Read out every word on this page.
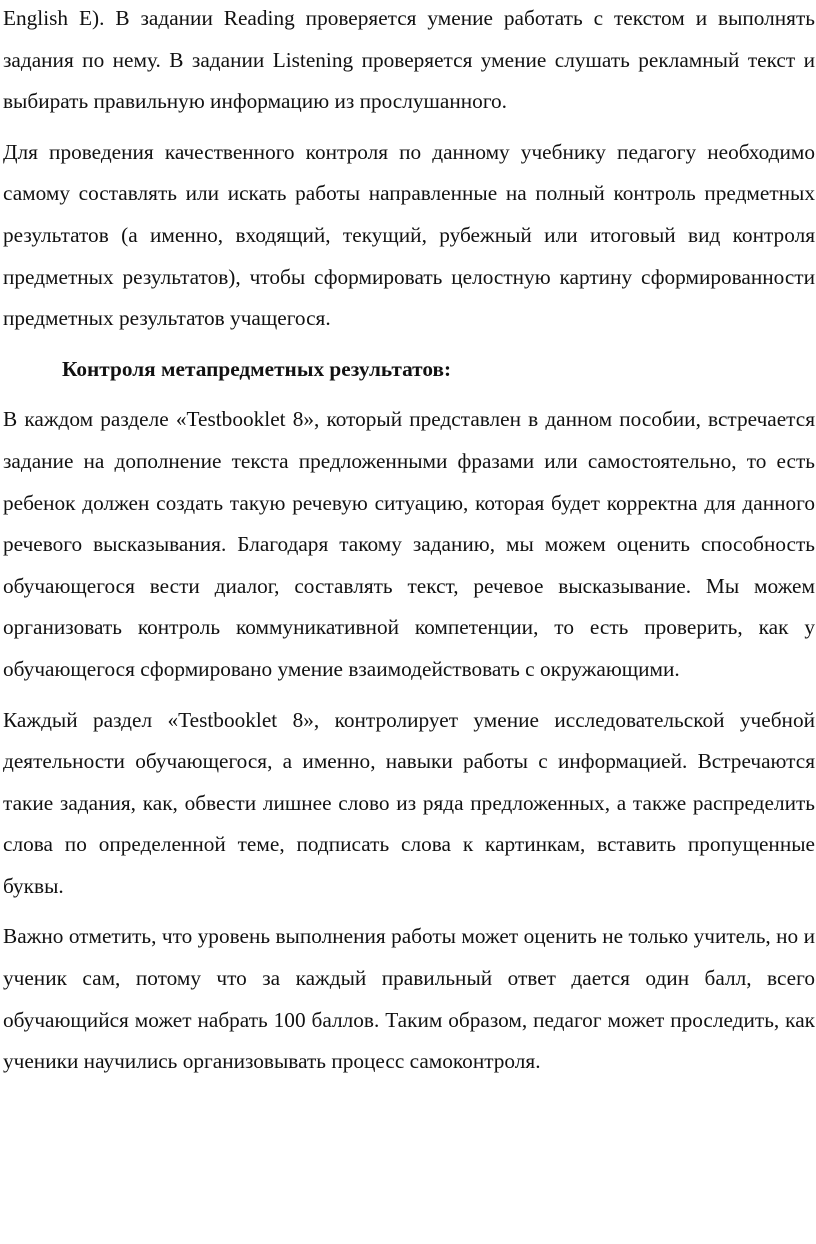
English E). В задании Reading проверяется умение работать с текстом и выполнять задания по нему. В задании Listening проверяется умение слушать рекламный текст и выбирать правильную информацию из прослушанного.

Для проведения качественного контроля по данному учебнику педагогу необходимо самому составлять или искать работы направленные на полный контроль предметных результатов (а именно, входящий, текущий, рубежный или итоговый вид контроля предметных результатов), чтобы сформировать целостную картину сформированности предметных результатов учащегося.

Контроля метапредметных результатов:

В каждом разделе «Testbooklet 8», который представлен в данном пособии, встречается задание на дополнение текста предложенными фразами или самостоятельно, то есть ребенок должен создать такую речевую ситуацию, которая будет корректна для данного речевого высказывания. Благодаря такому заданию, мы можем оценить способность обучающегося вести диалог, составлять текст, речевое высказывание. Мы можем организовать контроль коммуникативной компетенции, то есть проверить, как у обучающегося сформировано умение взаимодействовать с окружающими.

Каждый раздел «Testbooklet 8», контролирует умение исследовательской учебной деятельности обучающегося, а именно, навыки работы с информацией. Встречаются такие задания, как, обвести лишнее слово из ряда предложенных, а также распределить слова по определенной теме, подписать слова к картинкам, вставить пропущенные буквы.

Важно отметить, что уровень выполнения работы может оценить не только учитель, но и ученик сам, потому что за каждый правильный ответ дается один балл, всего обучающийся может набрать 100 баллов. Таким образом, педагог может проследить, как ученики научились организовывать процесс самоконтроля.
